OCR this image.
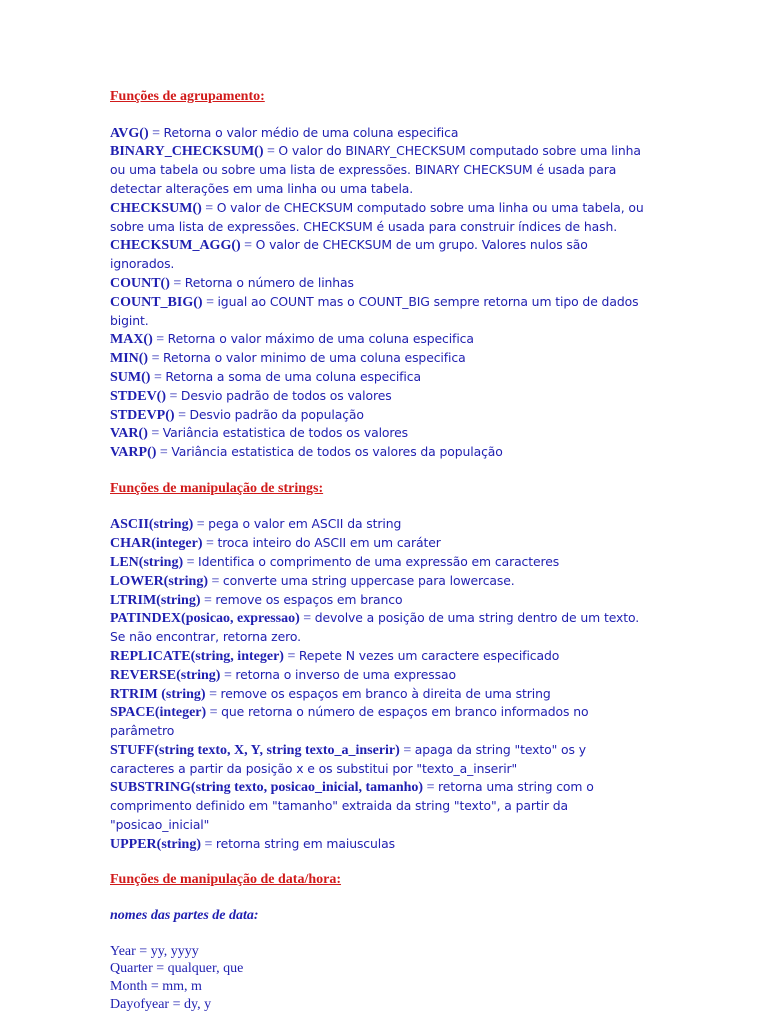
Funções de agrupamento:
AVG() = Retorna o valor médio de uma coluna especifica
BINARY_CHECKSUM() = O valor do BINARY_CHECKSUM computado sobre uma linha ou uma tabela ou sobre uma lista de expressões. BINARY CHECKSUM é usada para detectar alterações em uma linha ou uma tabela.
CHECKSUM() = O valor de CHECKSUM computado sobre uma linha ou uma tabela, ou sobre uma lista de expressões. CHECKSUM é usada para construir índices de hash.
CHECKSUM_AGG() = O valor de CHECKSUM de um grupo. Valores nulos são ignorados.
COUNT() = Retorna o número de linhas
COUNT_BIG() = igual ao COUNT mas o COUNT_BIG sempre retorna um tipo de dados bigint.
MAX() = Retorna o valor máximo de uma coluna especifica
MIN() = Retorna o valor minimo de uma coluna especifica
SUM() = Retorna a soma de uma coluna especifica
STDEV() = Desvio padrão de todos os valores
STDEVP() = Desvio padrão da população
VAR() = Variância estatistica de todos os valores
VARP() = Variância estatistica de todos os valores da população
Funções de manipulação de strings:
ASCII(string) = pega o valor em ASCII da string
CHAR(integer) = troca inteiro do ASCII em um caráter
LEN(string) = Identifica o comprimento de uma expressão em caracteres
LOWER(string) = converte uma string uppercase para lowercase.
LTRIM(string) = remove os espaços em branco
PATINDEX(posicao, expressao) = devolve a posição de uma string dentro de um texto. Se não encontrar, retorna zero.
REPLICATE(string, integer) = Repete N vezes um caractere especificado
REVERSE(string) = retorna o inverso de uma expressao
RTRIM (string) = remove os espaços em branco à direita de uma string
SPACE(integer) = que retorna o número de espaços em branco informados no parâmetro
STUFF(string texto, X, Y, string texto_a_inserir) = apaga da string "texto" os y caracteres a partir da posição x e os substitui por "texto_a_inserir"
SUBSTRING(string texto, posicao_inicial, tamanho) = retorna uma string com o comprimento definido em "tamanho" extraida da string "texto", a partir da "posicao_inicial"
UPPER(string) = retorna string em maiusculas
Funções de manipulação de data/hora:
nomes das partes de data:
Year = yy, yyyy
Quarter = qualquer, que
Month = mm, m
Dayofyear = dy, y
